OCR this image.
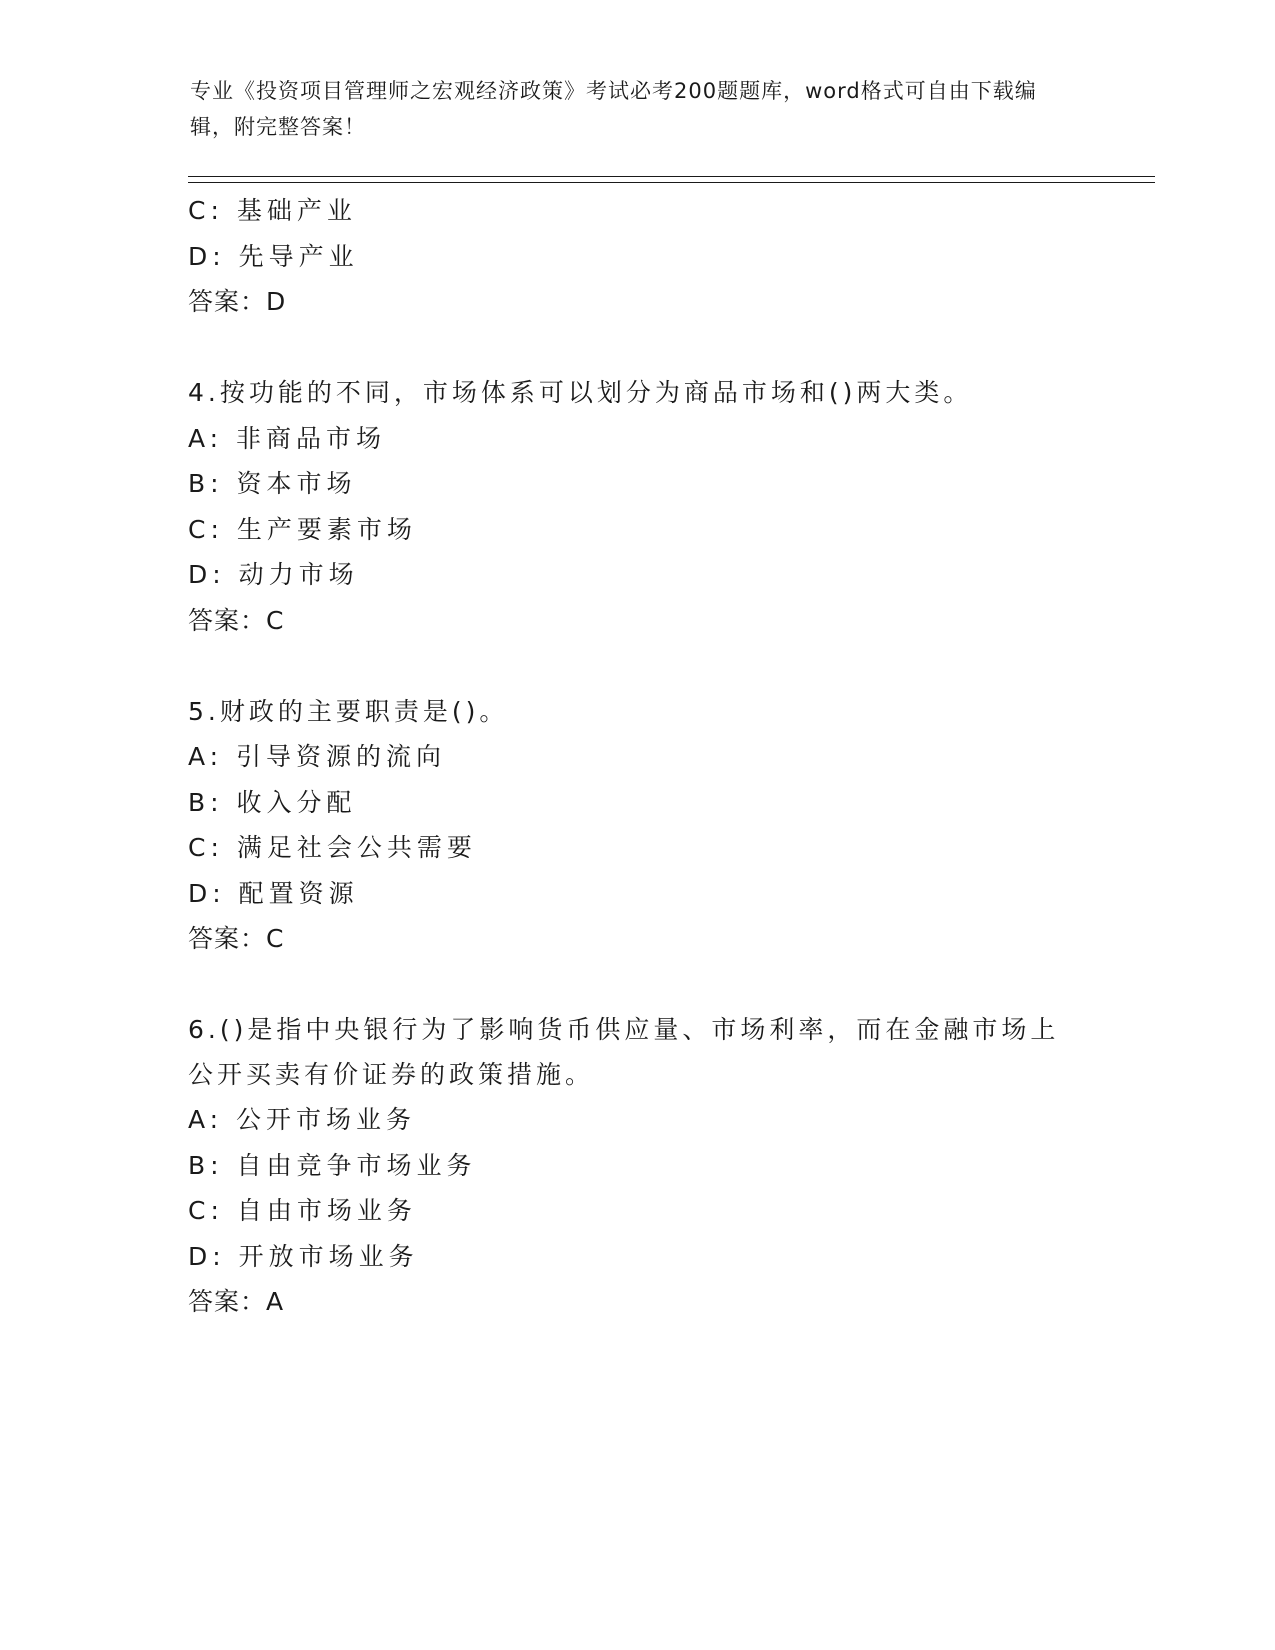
专业《投资项目管理师之宏观经济政策》考试必考200题题库，word格式可自由下载编辑，附完整答案！
C: 基础产业
D: 先导产业
答案：D
4.按功能的不同，市场体系可以划分为商品市场和()两大类。
A: 非商品市场
B: 资本市场
C: 生产要素市场
D: 动力市场
答案：C
5.财政的主要职责是()。
A: 引导资源的流向
B: 收入分配
C: 满足社会公共需要
D: 配置资源
答案：C
6.()是指中央银行为了影响货币供应量、市场利率，而在金融市场上公开买卖有价证券的政策措施。
A: 公开市场业务
B: 自由竞争市场业务
C: 自由市场业务
D: 开放市场业务
答案：A
